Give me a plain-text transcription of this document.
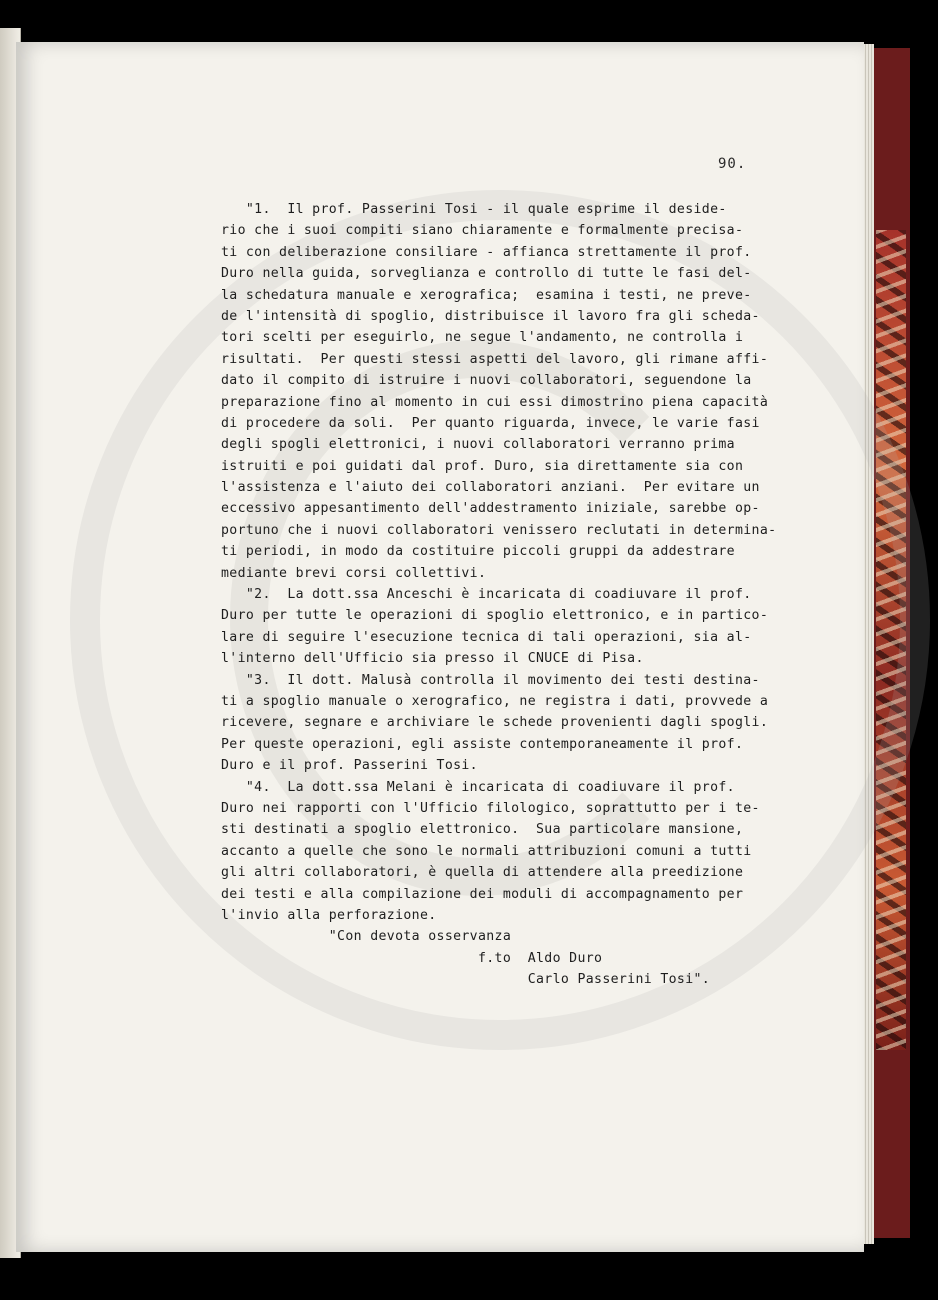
90.
"1.  Il prof. Passerini Tosi - il quale esprime il deside-
rio che i suoi compiti siano chiaramente e formalmente precisa-
ti con deliberazione consiliare - affianca strettamente il prof.
Duro nella guida, sorveglianza e controllo di tutte le fasi del-
la schedatura manuale e xerografica;  esamina i testi, ne preve-
de l'intensità di spoglio, distribuisce il lavoro fra gli scheda-
tori scelti per eseguirlo, ne segue l'andamento, ne controlla i
risultati.  Per questi stessi aspetti del lavoro, gli rimane affi-
dato il compito di istruire i nuovi collaboratori, seguendone la
preparazione fino al momento in cui essi dimostrino piena capacità
di procedere da soli.  Per quanto riguarda, invece, le varie fasi
degli spogli elettronici, i nuovi collaboratori verranno prima
istruiti e poi guidati dal prof. Duro, sia direttamente sia con
l'assistenza e l'aiuto dei collaboratori anziani.  Per evitare un
eccessivo appesantimento dell'addestramento iniziale, sarebbe op-
portuno che i nuovi collaboratori venissero reclutati in determina-
ti periodi, in modo da costituire piccoli gruppi da addestrare
mediante brevi corsi collettivi.
"2.  La dott.ssa Anceschi è incaricata di coadiuvare il prof.
Duro per tutte le operazioni di spoglio elettronico, e in partico-
lare di seguire l'esecuzione tecnica di tali operazioni, sia al-
l'interno dell'Ufficio sia presso il CNUCE di Pisa.
"3.  Il dott. Malusà controlla il movimento dei testi destina-
ti a spoglio manuale o xerografico, ne registra i dati, provvede a
ricevere, segnare e archiviare le schede provenienti dagli spogli.
Per queste operazioni, egli assiste contemporaneamente il prof.
Duro e il prof. Passerini Tosi.
"4.  La dott.ssa Melani è incaricata di coadiuvare il prof.
Duro nei rapporti con l'Ufficio filologico, soprattutto per i te-
sti destinati a spoglio elettronico.  Sua particolare mansione,
accanto a quelle che sono le normali attribuzioni comuni a tutti
gli altri collaboratori, è quella di attendere alla preedizione
dei testi e alla compilazione dei moduli di accompagnamento per
l'invio alla perforazione.
"Con devota osservanza
f.to  Aldo Duro
Carlo Passerini Tosi".
